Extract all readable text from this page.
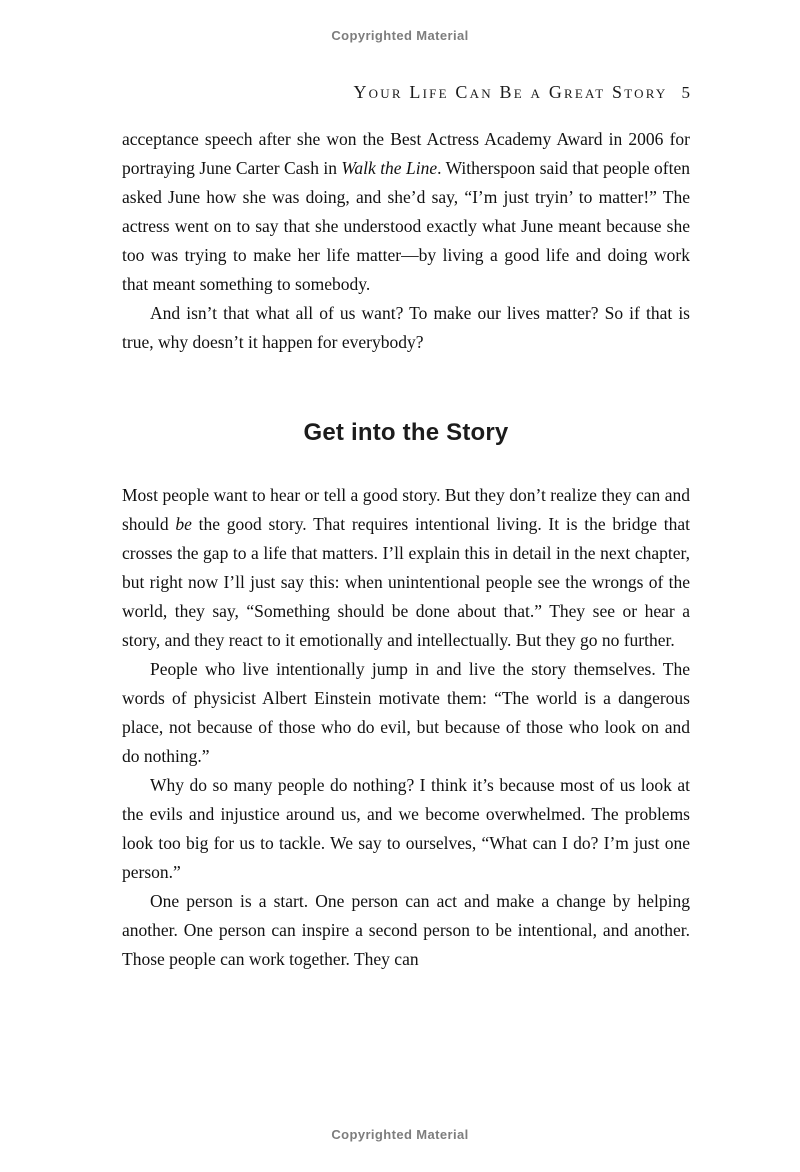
Copyrighted Material
Your Life Can Be a Great Story 5

acceptance speech after she won the Best Actress Academy Award in 2006 for portraying June Carter Cash in Walk the Line. Witherspoon said that people often asked June how she was doing, and she’d say, “I’m just tryin’ to matter!” The actress went on to say that she understood exactly what June meant because she too was trying to make her life matter—by living a good life and doing work that meant something to somebody.

And isn’t that what all of us want? To make our lives matter? So if that is true, why doesn’t it happen for everybody?

Get into the Story

Most people want to hear or tell a good story. But they don’t realize they can and should be the good story. That requires intentional living. It is the bridge that crosses the gap to a life that matters. I’ll explain this in detail in the next chapter, but right now I’ll just say this: when unintentional people see the wrongs of the world, they say, “Something should be done about that.” They see or hear a story, and they react to it emotionally and intellectually. But they go no further.

People who live intentionally jump in and live the story themselves. The words of physicist Albert Einstein motivate them: “The world is a dangerous place, not because of those who do evil, but because of those who look on and do nothing.”

Why do so many people do nothing? I think it’s because most of us look at the evils and injustice around us, and we become overwhelmed. The problems look too big for us to tackle. We say to ourselves, “What can I do? I’m just one person.”

One person is a start. One person can act and make a change by helping another. One person can inspire a second person to be intentional, and another. Those people can work together. They can

Copyrighted Material
